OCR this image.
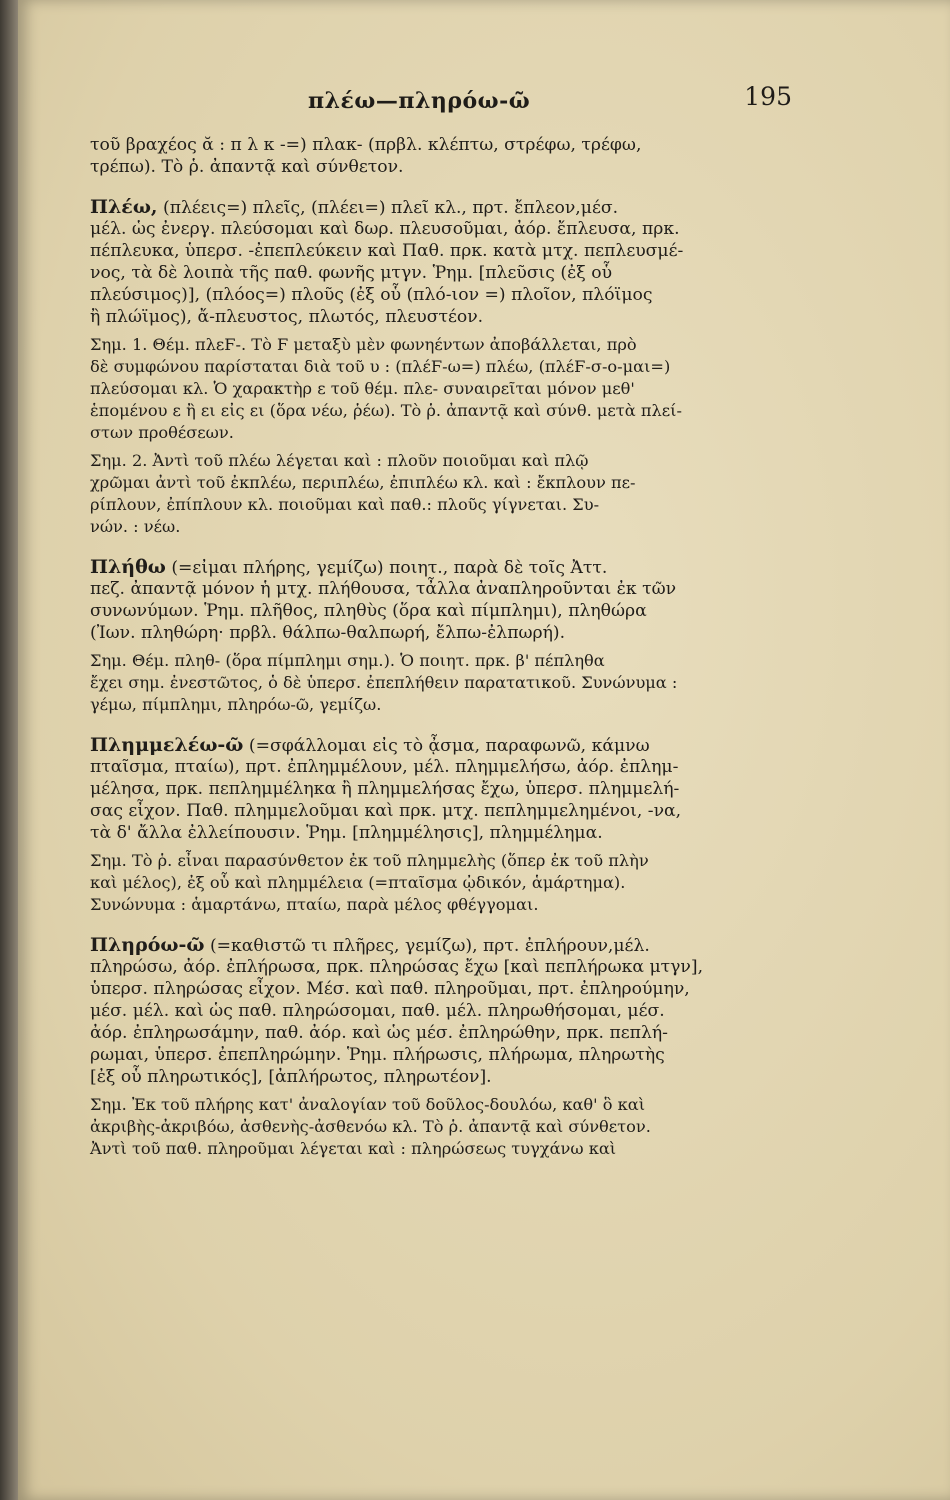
πλέω—πληρόω-ῶ	195
τοῦ βραχέος ᾰ : π λ κ -=) πλακ- (πρβλ. κλέπτω, στρέφω, τρέφω,
τρέπω). Τὸ ῥ. ἀπαντᾷ καὶ σύνθετον.
Πλέω, (πλέεις=) πλεῖς, (πλέει=) πλεῖ κλ., πρτ. ἔπλεον,μέσ.
μέλ. ὡς ἐνεργ. πλεύσομαι καὶ δωρ. πλευσοῦμαι, ἀόρ. ἔπλευσα, πρκ.
πέπλευκα, ὑπερσ. -ἐπεπλεύκειν καὶ Παθ. πρκ. κατὰ μτχ. πεπλευσμέ-
νος, τὰ δὲ λοιπὰ τῆς παθ. φωνῆς μτγν. Ῥημ. [πλεῦσις (ἐξ οὗ
πλεύσιμος)], (πλόος=) πλοῦς (ἐξ οὗ (πλό-ιον =) πλοῖον, πλόϊμος
ἢ πλώϊμος), ἄ-πλευστος, πλωτός, πλευστέον.
Σημ. 1. Θέμ. πλεϜ-. Τὸ Ϝ μεταξὺ μὲν φωνηέντων ἀποβάλλεται, πρὸ
δὲ συμφώνου παρίσταται διὰ τοῦ υ : (πλέϜ-ω=) πλέω, (πλέϜ-σ-ο-μαι=)
πλεύσομαι κλ. Ὁ χαρακτὴρ ε τοῦ θέμ. πλε- συναιρεῖται μόνον μεθ'
ἑπομένου ε ἢ ει εἰς ει (ὅρα νέω, ῥέω). Τὸ ῥ. ἀπαντᾷ καὶ σύνθ. μετὰ πλεί-
στων προθέσεων.
Σημ. 2. Ἀντὶ τοῦ πλέω λέγεται καὶ : πλοῦν ποιοῦμαι καὶ πλῷ
χρῶμαι ἀντὶ τοῦ ἐκπλέω, περιπλέω, ἐπιπλέω κλ. καὶ : ἔκπλουν πε-
ρίπλουν, ἐπίπλουν κλ. ποιοῦμαι καὶ παθ.: πλοῦς γίγνεται. Συ-
νών. : νέω.
Πλήθω (=εἰμαι πλήρης, γεμίζω) ποιητ., παρὰ δὲ τοῖς Ἀττ.
πεζ. ἀπαντᾷ μόνον ἡ μτχ. πλήθουσα, τἆλλα ἀναπληροῦνται ἐκ τῶν
συνωνύμων. Ῥημ. πλῆθος, πληθὺς (ὅρα καὶ πίμπλημι), πληθώρα
(Ἰων. πληθώρη· πρβλ. θάλπω-θαλπωρή, ἔλπω-ἐλπωρή).
Σημ. Θέμ. πληθ- (ὅρα πίμπλημι σημ.). Ὁ ποιητ. πρκ. β' πέπληθα
ἔχει σημ. ἐνεστῶτος, ὁ δὲ ὑπερσ. ἐπεπλήθειν παρατατικοῦ. Συνώνυμα :
γέμω, πίμπλημι, πληρόω-ῶ, γεμίζω.
Πλημμελέω-ῶ (=σφάλλομαι εἰς τὸ ᾆσμα, παραφωνῶ, κάμνω
πταῖσμα, πταίω), πρτ. ἐπλημμέλουν, μέλ. πλημμελήσω, ἀόρ. ἐπλημ-
μέλησα, πρκ. πεπλημμέληκα ἢ πλημμελήσας ἔχω, ὑπερσ. πλημμελή-
σας εἶχον. Παθ. πλημμελοῦμαι καὶ πρκ. μτχ. πεπλημμελημένοι, -να,
τὰ δ' ἄλλα ἐλλείπουσιν. Ῥημ. [πλημμέλησις], πλημμέλημα.
Σημ. Τὸ ῥ. εἶναι παρασύνθετον ἐκ τοῦ πλημμελὴς (ὅπερ ἐκ τοῦ πλὴν
καὶ μέλος), ἐξ οὗ καὶ πλημμέλεια (=πταῖσμα ᾠδικόν, ἁμάρτημα).
Συνώνυμα : ἁμαρτάνω, πταίω, παρὰ μέλος φθέγγομαι.
Πληρόω-ῶ (=καθιστῶ τι πλῆρες, γεμίζω), πρτ. ἐπλήρουν,μέλ.
πληρώσω, ἀόρ. ἐπλήρωσα, πρκ. πληρώσας ἔχω [καὶ πεπλήρωκα μτγν],
ὑπερσ. πληρώσας εἶχον. Μέσ. καὶ παθ. πληροῦμαι, πρτ. ἐπληρούμην,
μέσ. μέλ. καὶ ὡς παθ. πληρώσομαι, παθ. μέλ. πληρωθήσομαι, μέσ.
ἀόρ. ἐπληρωσάμην, παθ. ἀόρ. καὶ ὡς μέσ. ἐπληρώθην, πρκ. πεπλή-
ρωμαι, ὑπερσ. ἐπεπληρώμην. Ῥημ. πλήρωσις, πλήρωμα, πληρωτὴς
[ἐξ οὗ πληρωτικός], [ἀπλήρωτος, πληρωτέον].
Σημ. Ἐκ τοῦ πλήρης κατ' ἀναλογίαν τοῦ δοῦλος-δουλόω, καθ' ὃ καὶ
ἀκριβὴς-ἀκριβόω, ἀσθενὴς-ἀσθενόω κλ. Τὸ ῥ. ἀπαντᾷ καὶ σύνθετον.
Ἀντὶ τοῦ παθ. πληροῦμαι λέγεται καὶ : πληρώσεως τυγχάνω καὶ
